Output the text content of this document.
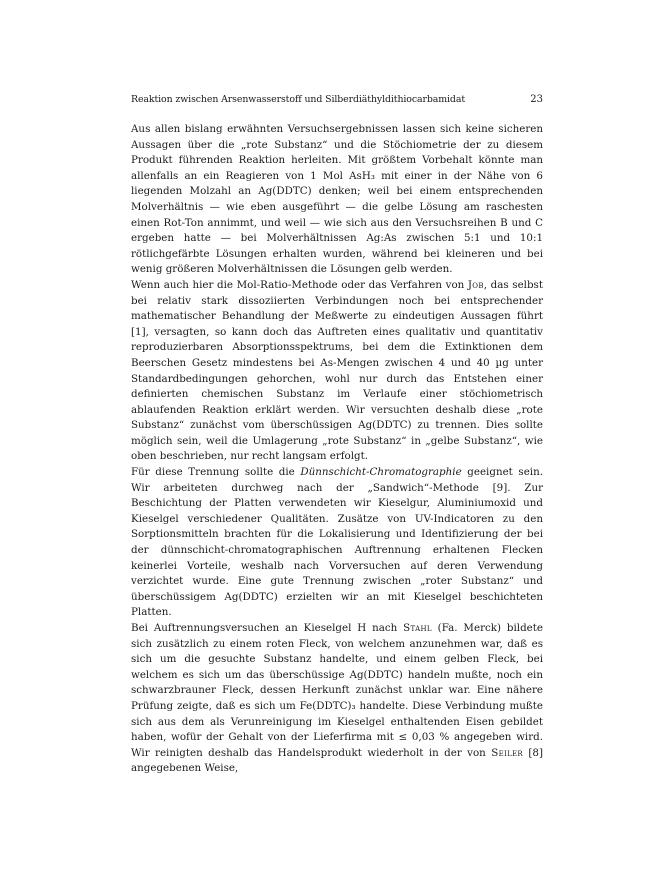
Reaktion zwischen Arsenwasserstoff und Silberdiäthyldithiocarbamidat	23

Aus allen bislang erwähnten Versuchsergebnissen lassen sich keine sicheren Aussagen über die „rote Substanz“ und die Stöchiometrie der zu diesem Produkt führenden Reaktion herleiten. Mit größtem Vorbehalt könnte man allenfalls an ein Reagieren von 1 Mol AsH₃ mit einer in der Nähe von 6 liegenden Molzahl an Ag(DDTC) denken; weil bei einem entsprechenden Molverhältnis — wie eben ausgeführt — die gelbe Lösung am raschesten einen Rot-Ton annimmt, und weil — wie sich aus den Versuchsreihen B und C ergeben hatte — bei Molverhältnissen Ag:As zwischen 5:1 und 10:1 rötlichgefärbte Lösungen erhalten wurden, während bei kleineren und bei wenig größeren Molverhältnissen die Lösungen gelb werden.

Wenn auch hier die Mol-Ratio-Methode oder das Verfahren von Job, das selbst bei relativ stark dissoziierten Verbindungen noch bei entsprechender mathematischer Behandlung der Meßwerte zu eindeutigen Aussagen führt [1], versagten, so kann doch das Auftreten eines qualitativ und quantitativ reproduzierbaren Absorptionsspektrums, bei dem die Extinktionen dem Beerschen Gesetz mindestens bei As-Mengen zwischen 4 und 40 µg unter Standardbedingungen gehorchen, wohl nur durch das Entstehen einer definierten chemischen Substanz im Verlaufe einer stöchiometrisch ablaufenden Reaktion erklärt werden. Wir versuchten deshalb diese „rote Substanz“ zunächst vom überschüssigen Ag(DDTC) zu trennen. Dies sollte möglich sein, weil die Umlagerung „rote Substanz“ in „gelbe Substanz“, wie oben beschrieben, nur recht langsam erfolgt.

Für diese Trennung sollte die Dünnschicht-Chromatographie geeignet sein. Wir arbeiteten durchweg nach der „Sandwich“-Methode [9]. Zur Beschichtung der Platten verwendeten wir Kieselgur, Aluminiumoxid und Kieselgel verschiedener Qualitäten. Zusätze von UV-Indicatoren zu den Sorptionsmitteln brachten für die Lokalisierung und Identifizierung der bei der dünnschicht-chromatographischen Auftrennung erhaltenen Flecken keinerlei Vorteile, weshalb nach Vorversuchen auf deren Verwendung verzichtet wurde. Eine gute Trennung zwischen „roter Substanz“ und überschüssigem Ag(DDTC) erzielten wir an mit Kieselgel beschichteten Platten.

Bei Auftrennungsversuchen an Kieselgel H nach Stahl (Fa. Merck) bildete sich zusätzlich zu einem roten Fleck, von welchem anzunehmen war, daß es sich um die gesuchte Substanz handelte, und einem gelben Fleck, bei welchem es sich um das überschüssige Ag(DDTC) handeln mußte, noch ein schwarzbrauner Fleck, dessen Herkunft zunächst unklar war. Eine nähere Prüfung zeigte, daß es sich um Fe(DDTC)₃ handelte. Diese Verbindung mußte sich aus dem als Verunreinigung im Kieselgel enthaltenden Eisen gebildet haben, wofür der Gehalt von der Lieferfirma mit ≤ 0,03 % angegeben wird. Wir reinigten deshalb das Handelsprodukt wiederholt in der von Seiler [8] angegebenen Weise,
